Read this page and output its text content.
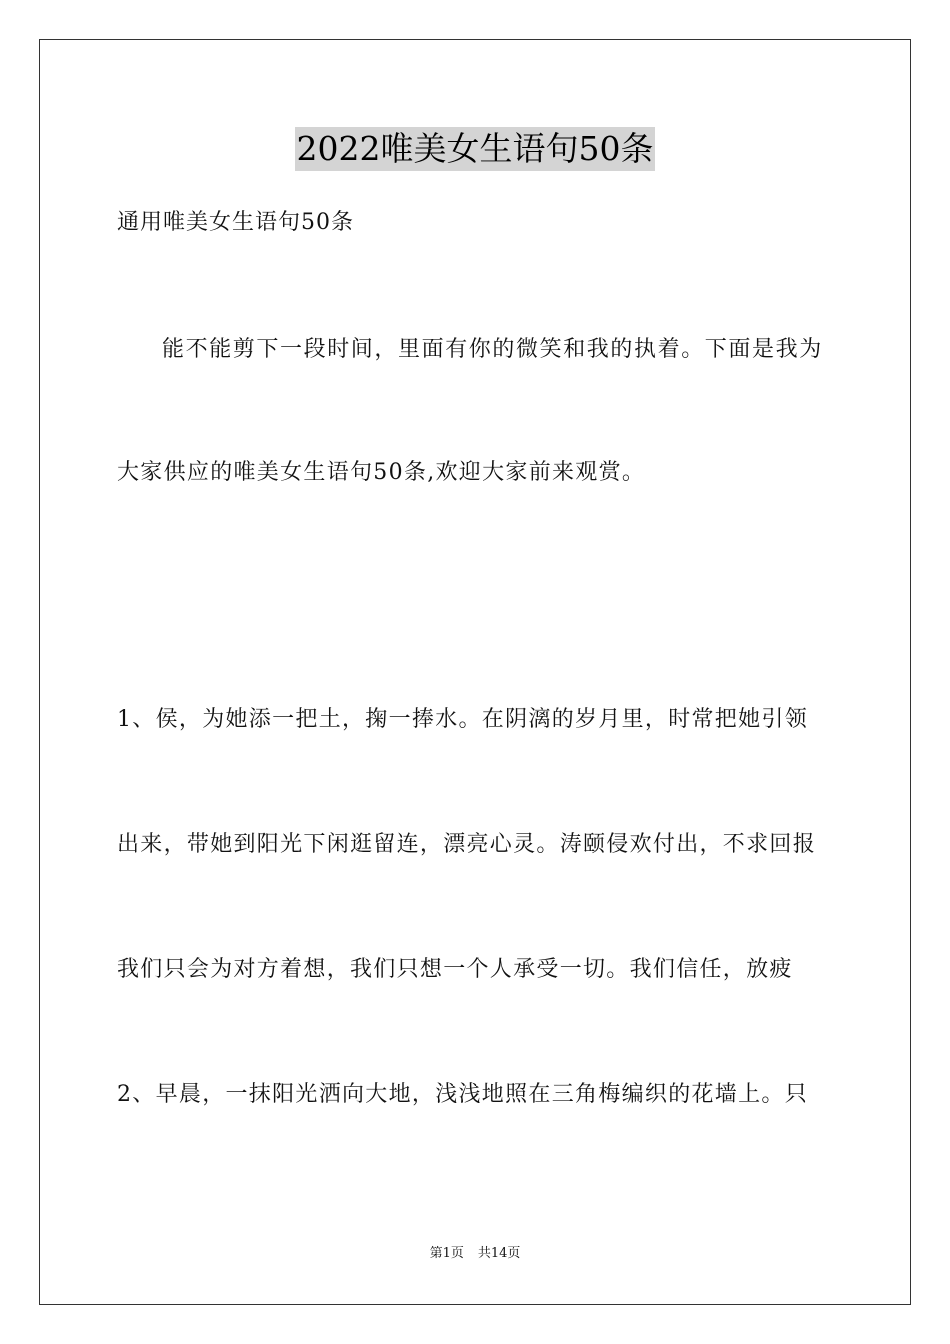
2022唯美女生语句50条
通用唯美女生语句50条
能不能剪下一段时间，里面有你的微笑和我的执着。下面是我为
大家供应的唯美女生语句50条,欢迎大家前来观赏。
1、侯，为她添一把土，掬一捧水。在阴漓的岁月里，时常把她引领
出来，带她到阳光下闲逛留连，漂亮心灵。涛颐侵欢付出，不求回报
我们只会为对方着想，我们只想一个人承受一切。我们信任，放疲
2、早晨，一抹阳光洒向大地，浅浅地照在三角梅编织的花墙上。只
第1页 共14页
